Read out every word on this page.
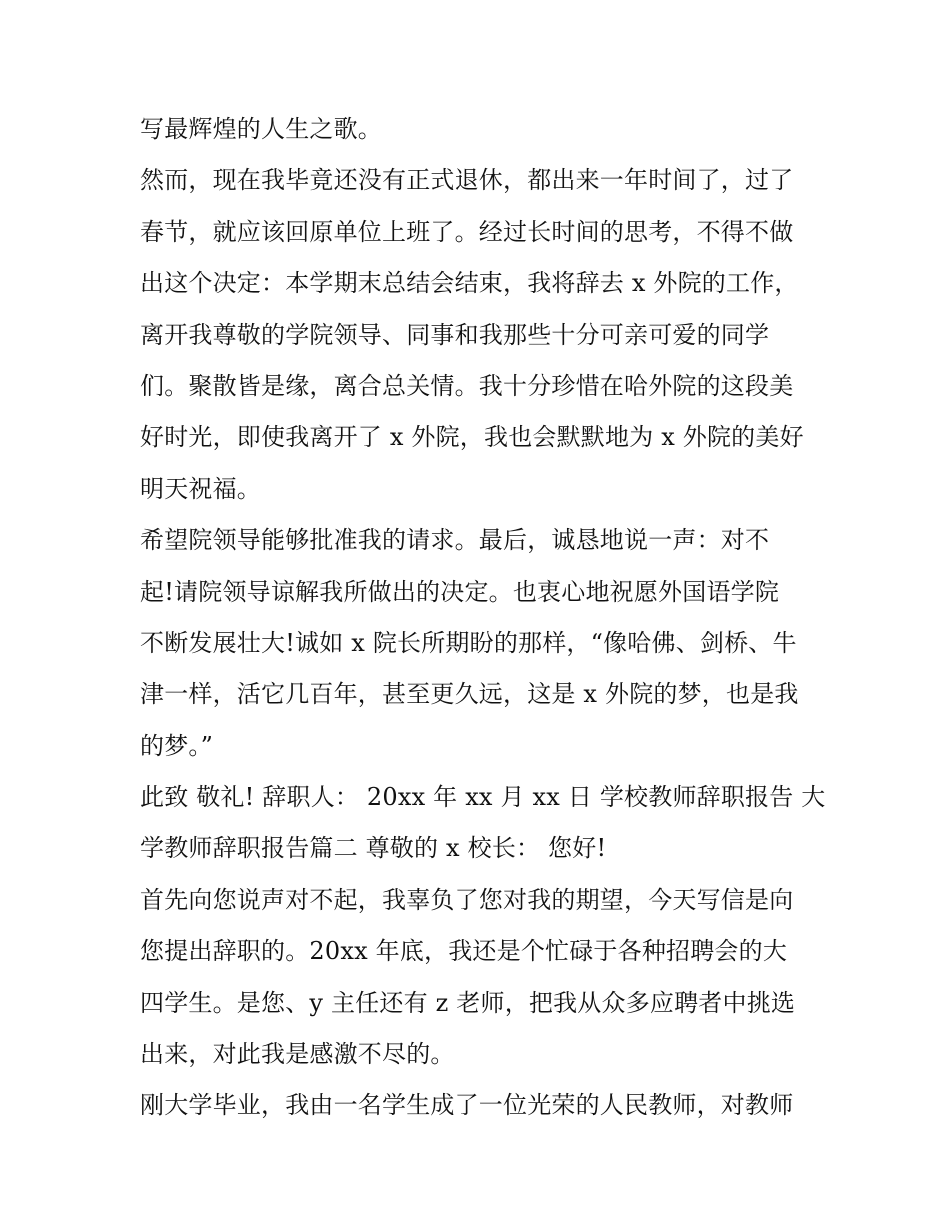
写最辉煌的人生之歌。
然而，现在我毕竟还没有正式退休，都出来一年时间了，过了
春节，就应该回原单位上班了。经过长时间的思考，不得不做
出这个决定：本学期末总结会结束，我将辞去 x 外院的工作，
离开我尊敬的学院领导、同事和我那些十分可亲可爱的同学
们。聚散皆是缘，离合总关情。我十分珍惜在哈外院的这段美
好时光，即使我离开了 x 外院，我也会默默地为 x 外院的美好
明天祝福。
希望院领导能够批准我的请求。最后，诚恳地说一声：对不
起!请院领导谅解我所做出的决定。也衷心地祝愿外国语学院
不断发展壮大!诚如 x 院长所期盼的那样，“像哈佛、剑桥、牛
津一样，活它几百年，甚至更久远，这是 x 外院的梦，也是我
的梦。”
此致 敬礼! 辞职人： 20xx 年 xx 月 xx 日 学校教师辞职报告 大
学教师辞职报告篇二 尊敬的 x 校长： 您好!
首先向您说声对不起，我辜负了您对我的期望，今天写信是向
您提出辞职的。20xx 年底，我还是个忙碌于各种招聘会的大
四学生。是您、y 主任还有 z 老师，把我从众多应聘者中挑选
出来，对此我是感激不尽的。
刚大学毕业，我由一名学生成了一位光荣的人民教师，对教师
